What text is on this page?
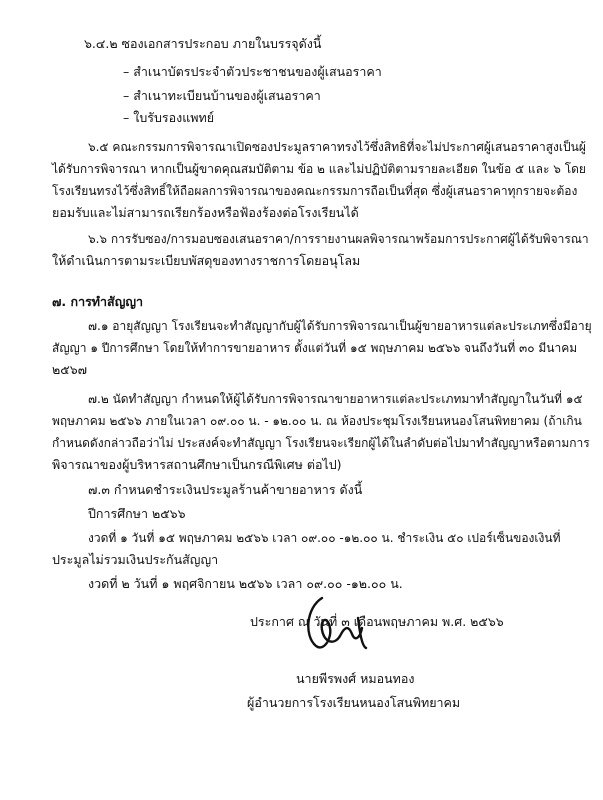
๖.๔.๒ ซองเอกสารประกอบ ภายในบรรจุดังนี้
– สำเนาบัตรประจำตัวประชาชนของผู้เสนอราคา
– สำเนาทะเบียนบ้านของผู้เสนอราคา
– ใบรับรองแพทย์
๖.๕ คณะกรรมการพิจารณาเปิดซองประมูลราคาทรงไว้ซึ่งสิทธิที่จะไม่ประกาศผู้เสนอราคาสูงเป็นผู้
ได้รับการพิจารณา หากเป็นผู้ขาดคุณสมบัติตาม ข้อ ๒ และไม่ปฏิบัติตามรายละเอียด ในข้อ ๕ และ ๖ โดย
โรงเรียนทรงไว้ซึ่งสิทธิ์ให้ถือผลการพิจารณาของคณะกรรมการถือเป็นที่สุด ซึ่งผู้เสนอราคาทุกรายจะต้อง
ยอมรับและไม่สามารถเรียกร้องหรือฟ้องร้องต่อโรงเรียนได้
๖.๖ การรับซอง/การมอบซองเสนอราคา/การรายงานผลพิจารณาพร้อมการประกาศผู้ได้รับพิจารณา
ให้ดำเนินการตามระเบียบพัสดุของทางราชการโดยอนุโลม
๗. การทำสัญญา
๗.๑ อายุสัญญา โรงเรียนจะทำสัญญากับผู้ได้รับการพิจารณาเป็นผู้ขายอาหารแต่ละประเภทซึ่งมีอายุ
สัญญา ๑ ปีการศึกษา โดยให้ทำการขายอาหาร ตั้งแต่วันที่ ๑๕ พฤษภาคม ๒๕๖๖ จนถึงวันที่ ๓๐ มีนาคม
๒๕๖๗
๗.๒ นัดทำสัญญา กำหนดให้ผู้ได้รับการพิจารณาขายอาหารแต่ละประเภทมาทำสัญญาในวันที่ ๑๕
พฤษภาคม ๒๕๖๖ ภายในเวลา ๐๙.๐๐ น. - ๑๒.๐๐ น. ณ ห้องประชุมโรงเรียนหนองโสนพิทยาคม (ถ้าเกิน
กำหนดดังกล่าวถือว่าไม่ ประสงค์จะทำสัญญา โรงเรียนจะเรียกผู้ได้ในลำดับต่อไปมาทำสัญญาหรือตามการ
พิจารณาของผู้บริหารสถานศึกษาเป็นกรณีพิเศษ ต่อไป)
๗.๓ กำหนดชำระเงินประมูลร้านค้าขายอาหาร ดังนี้
ปีการศึกษา ๒๕๖๖
งวดที่ ๑ วันที่ ๑๕ พฤษภาคม ๒๕๖๖ เวลา ๐๙.๐๐ -๑๒.๐๐ น. ชำระเงิน ๕๐ เปอร์เซ็นของเงินที่
ประมูลไม่รวมเงินประกันสัญญา
งวดที่ ๒ วันที่ ๑ พฤศจิกายน ๒๕๖๖ เวลา ๐๙.๐๐ -๑๒.๐๐ น.
ประกาศ ณ วันที่ ๓ เดือนพฤษภาคม พ.ศ. ๒๕๖๖
นายพีรพงศ์ หมอนทอง
ผู้อำนวยการโรงเรียนหนองโสนพิทยาคม
